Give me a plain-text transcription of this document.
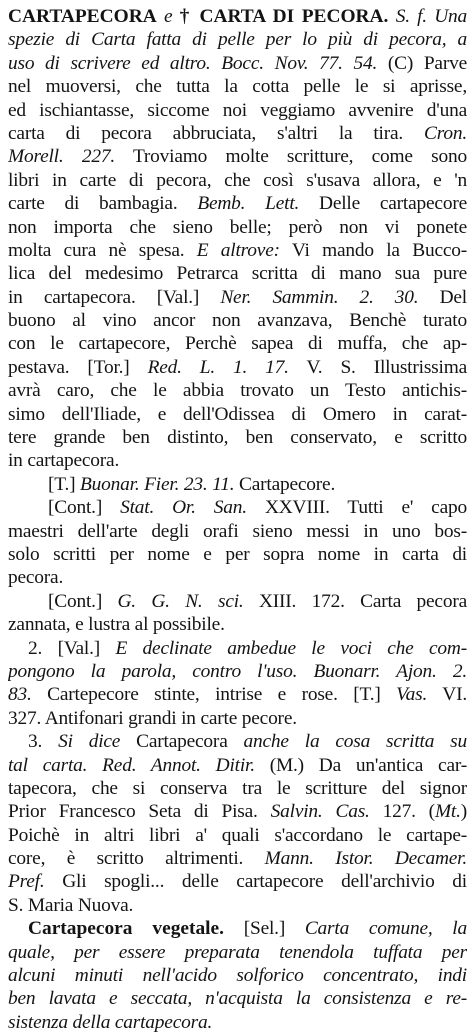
CARTAPECORA e † CARTA DI PECORA. S. f. Una
spezie di Carta fatta di pelle per lo più di pecora, a
uso di scrivere ed altro. Bocc. Nov. 77. 54. (C) Parve
nel muoversi, che tutta la cotta pelle le si aprisse,
ed ischiantasse, siccome noi veggiamo avvenire d'una
carta di pecora abbruciata, s'altri la tira. Cron.
Morell. 227. Troviamo molte scritture, come sono
libri in carte di pecora, che così s'usava allora, e 'n
carte di bambagia. Bemb. Lett. Delle cartapecore
non importa che sieno belle; però non vi ponete
molta cura nè spesa. E altrove: Vi mando la Bucco-
lica del medesimo Petrarca scritta di mano sua pure
in cartapecora. [Val.] Ner. Sammin. 2. 30. Del
buono al vino ancor non avanzava, Benchè turato
con le cartapecore, Perchè sapea di muffa, che ap-
pestava. [Tor.] Red. L. 1. 17. V. S. Illustrissima
avrà caro, che le abbia trovato un Testo antichis-
simo dell'Iliade, e dell'Odissea di Omero in carat-
tere grande ben distinto, ben conservato, e scritto
in cartapecora.
[T.] Buonar. Fier. 23. 11. Cartapecore.
[Cont.] Stat. Or. San. XXVIII. Tutti e' capo
maestri dell'arte degli orafi sieno messi in uno bos-
solo scritti per nome e per sopra nome in carta di
pecora.
[Cont.] G. G. N. sci. XIII. 172. Carta pecora
zannata, e lustra al possibile.
2. [Val.] E declinate ambedue le voci che com-
pongono la parola, contro l'uso. Buonarr. Ajon. 2.
83. Cartepecore stinte, intrise e rose. [T.] Vas. VI.
327. Antifonari grandi in carte pecore.
3. Si dice Cartapecora anche la cosa scritta su
tal carta. Red. Annot. Ditir. (M.) Da un'antica car-
tapecora, che si conserva tra le scritture del signor
Prior Francesco Seta di Pisa. Salvin. Cas. 127. (Mt.)
Poichè in altri libri a' quali s'accordano le cartape-
core, è scritto altrimenti. Mann. Istor. Decamer.
Pref. Gli spogli... delle cartapecore dell'archivio di
S. Maria Nuova.
Cartapecora vegetale. [Sel.] Carta comune, la
quale, per essere preparata tenendola tuffata per
alcuni minuti nell'acido solforico concentrato, indi
ben lavata e seccata, n'acquista la consistenza e re-
sistenza della cartapecora.
